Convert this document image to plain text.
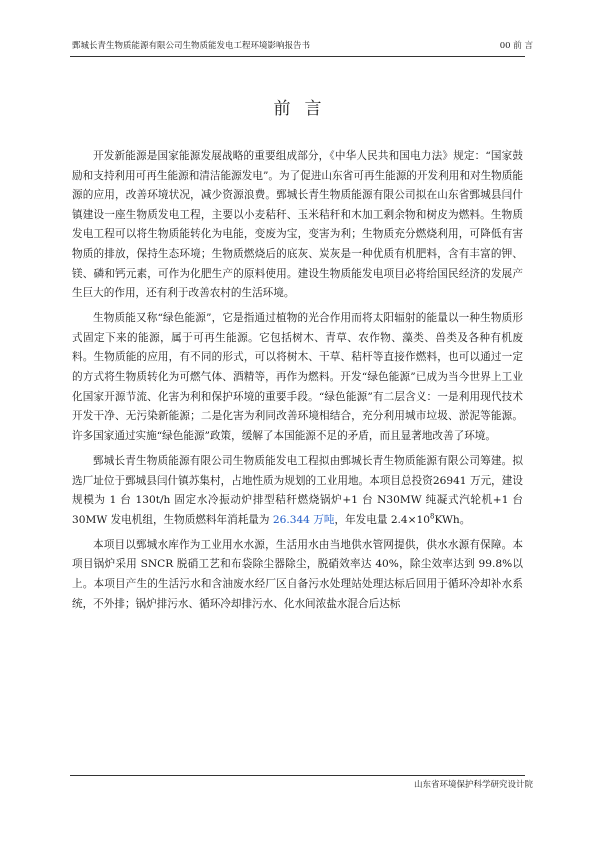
鄄城长青生物质能源有限公司生物质能发电工程环境影响报告书	00 前 言
前言

开发新能源是国家能源发展战略的重要组成部分，《中华人民共和国电力法》规定：“国家鼓励和支持利用可再生能源和清洁能源发电”。为了促进山东省可再生能源的开发利用和对生物质能源的应用，改善环境状况，减少资源浪费。鄄城长青生物质能源有限公司拟在山东省鄄城县闫什镇建设一座生物质发电工程，主要以小麦秸秆、玉米秸秆和木加工剩余物和树皮为燃料。生物质发电工程可以将生物质能转化为电能，变废为宝，变害为利；生物质充分燃烧利用，可降低有害物质的排放，保持生态环境；生物质燃烧后的底灰、炭灰是一种优质有机肥料，含有丰富的钾、镁、磷和钙元素，可作为化肥生产的原料使用。建设生物质能发电项目必将给国民经济的发展产生巨大的作用，还有利于改善农村的生活环境。

生物质能又称“绿色能源”，它是指通过植物的光合作用而将太阳辐射的能量以一种生物质形式固定下来的能源，属于可再生能源。它包括树木、青草、农作物、藻类、兽类及各种有机废料。生物质能的应用，有不同的形式，可以将树木、干草、秸杆等直接作燃料，也可以通过一定的方式将生物质转化为可燃气体、酒精等，再作为燃料。开发“绿色能源”已成为当今世界上工业化国家开源节流、化害为利和保护环境的重要手段。“绿色能源”有二层含义：一是利用现代技术开发干净、无污染新能源；二是化害为利同改善环境相结合，充分利用城市垃圾、淤泥等能源。许多国家通过实施“绿色能源”政策，缓解了本国能源不足的矛盾，而且显著地改善了环境。

鄄城长青生物质能源有限公司生物质能发电工程拟由鄄城长青生物质能源有限公司筹建。拟选厂址位于鄄城县闫什镇苏集村，占地性质为规划的工业用地。本项目总投资26941 万元，建设规模为 1 台 130t/h 固定水冷振动炉排型秸秆燃烧锅炉+1 台 N30MW 纯凝式汽轮机+1 台 30MW 发电机组，生物质燃料年消耗量为 26.344 万吨，年发电量 $2.4\times 10^8KWh$。

本项目以鄄城水库作为工业用水水源，生活用水由当地供水管网提供，供水水源有保障。本项目锅炉采用 SNCR 脱硝工艺和布袋除尘器除尘，脱硝效率达 40%，除尘效率达到 99.8%以上。本项目产生的生活污水和含油废水经厂区自备污水处理站处理达标后回用于循环冷却补水系统，不外排；锅炉排污水、循环冷却排污水、化水间浓盐水混合后达标

山东省环境保护科学研究设计院
